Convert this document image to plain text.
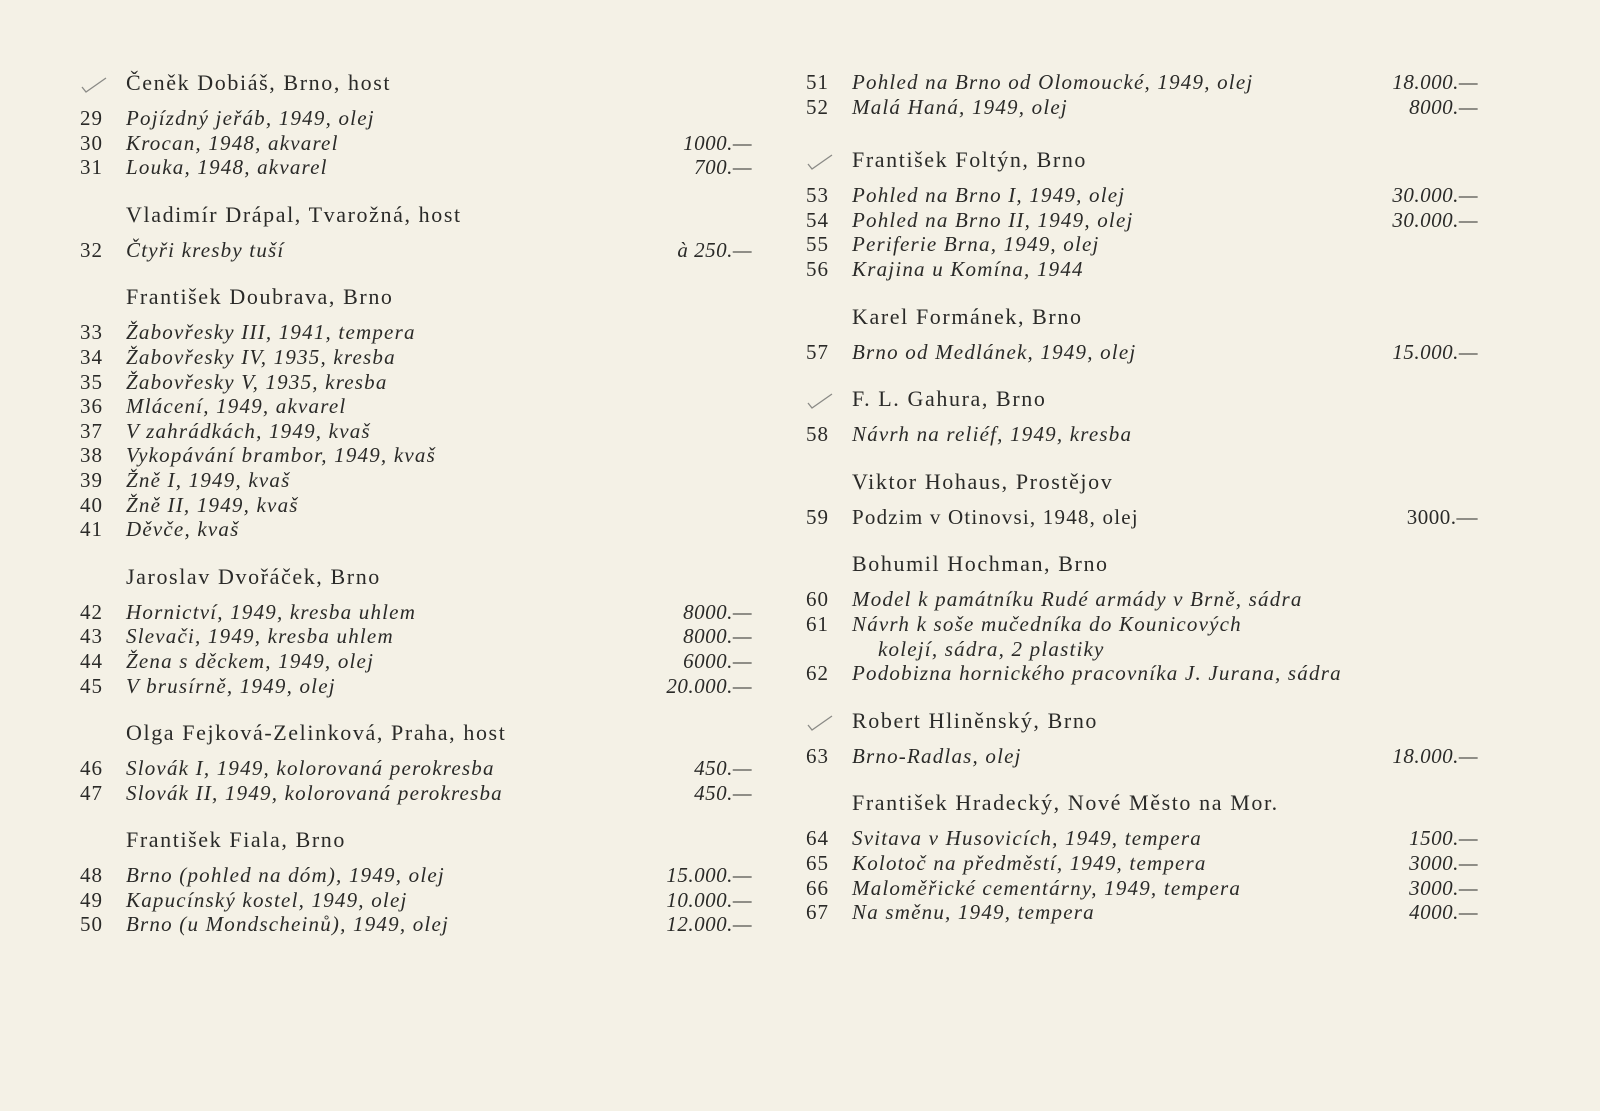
Čeněk Dobiáš, Brno, host
29	Pojízdný jeřáb, 1949, olej
30	Krocan, 1948, akvarel	1000.—
31	Louka, 1948, akvarel	700.—
Vladimír Drápal, Tvarožná, host
32	Čtyři kresby tuší	à 250.—
František Doubrava, Brno
33	Žabovřesky III, 1941, tempera
34	Žabovřesky IV, 1935, kresba
35	Žabovřesky V, 1935, kresba
36	Mlácení, 1949, akvarel
37	V zahrádkách, 1949, kvaš
38	Vykopávání brambor, 1949, kvaš
39	Žně I, 1949, kvaš
40	Žně II, 1949, kvaš
41	Děvče, kvaš
Jaroslav Dvořáček, Brno
42	Hornictví, 1949, kresba uhlem	8000.—
43	Slevači, 1949, kresba uhlem	8000.—
44	Žena s děckem, 1949, olej	6000.—
45	V brusírně, 1949, olej	20.000.—
Olga Fejková-Zelinková, Praha, host
46	Slovák I, 1949, kolorovaná perokresba	450.—
47	Slovák II, 1949, kolorovaná perokresba	450.—
František Fiala, Brno
48	Brno (pohled na dóm), 1949, olej	15.000.—
49	Kapucínský kostel, 1949, olej	10.000.—
50	Brno (u Mondscheinů), 1949, olej	12.000.—
51	Pohled na Brno od Olomoucké, 1949, olej	18.000.—
52	Malá Haná, 1949, olej	8000.—
František Foltýn, Brno
53	Pohled na Brno I, 1949, olej	30.000.—
54	Pohled na Brno II, 1949, olej	30.000.—
55	Periferie Brna, 1949, olej
56	Krajina u Komína, 1944
Karel Formánek, Brno
57	Brno od Medlánek, 1949, olej	15.000.—
F. L. Gahura, Brno
58	Návrh na reliéf, 1949, kresba
Viktor Hohaus, Prostějov
59	Podzim v Otinovsi, 1948, olej	3000.—
Bohumil Hochman, Brno
60	Model k památníku Rudé armády v Brně, sádra
61	Návrh k soše mučedníka do Kounicových
kolejí, sádra, 2 plastiky
62	Podobizna hornického pracovníka J. Jurana, sádra
Robert Hliněnský, Brno
63	Brno-Radlas, olej	18.000.—
František Hradecký, Nové Město na Mor.
64	Svitava v Husovicích, 1949, tempera	1500.—
65	Kolotoč na předměstí, 1949, tempera	3000.—
66	Maloměřické cementárny, 1949, tempera	3000.—
67	Na směnu, 1949, tempera	4000.—
